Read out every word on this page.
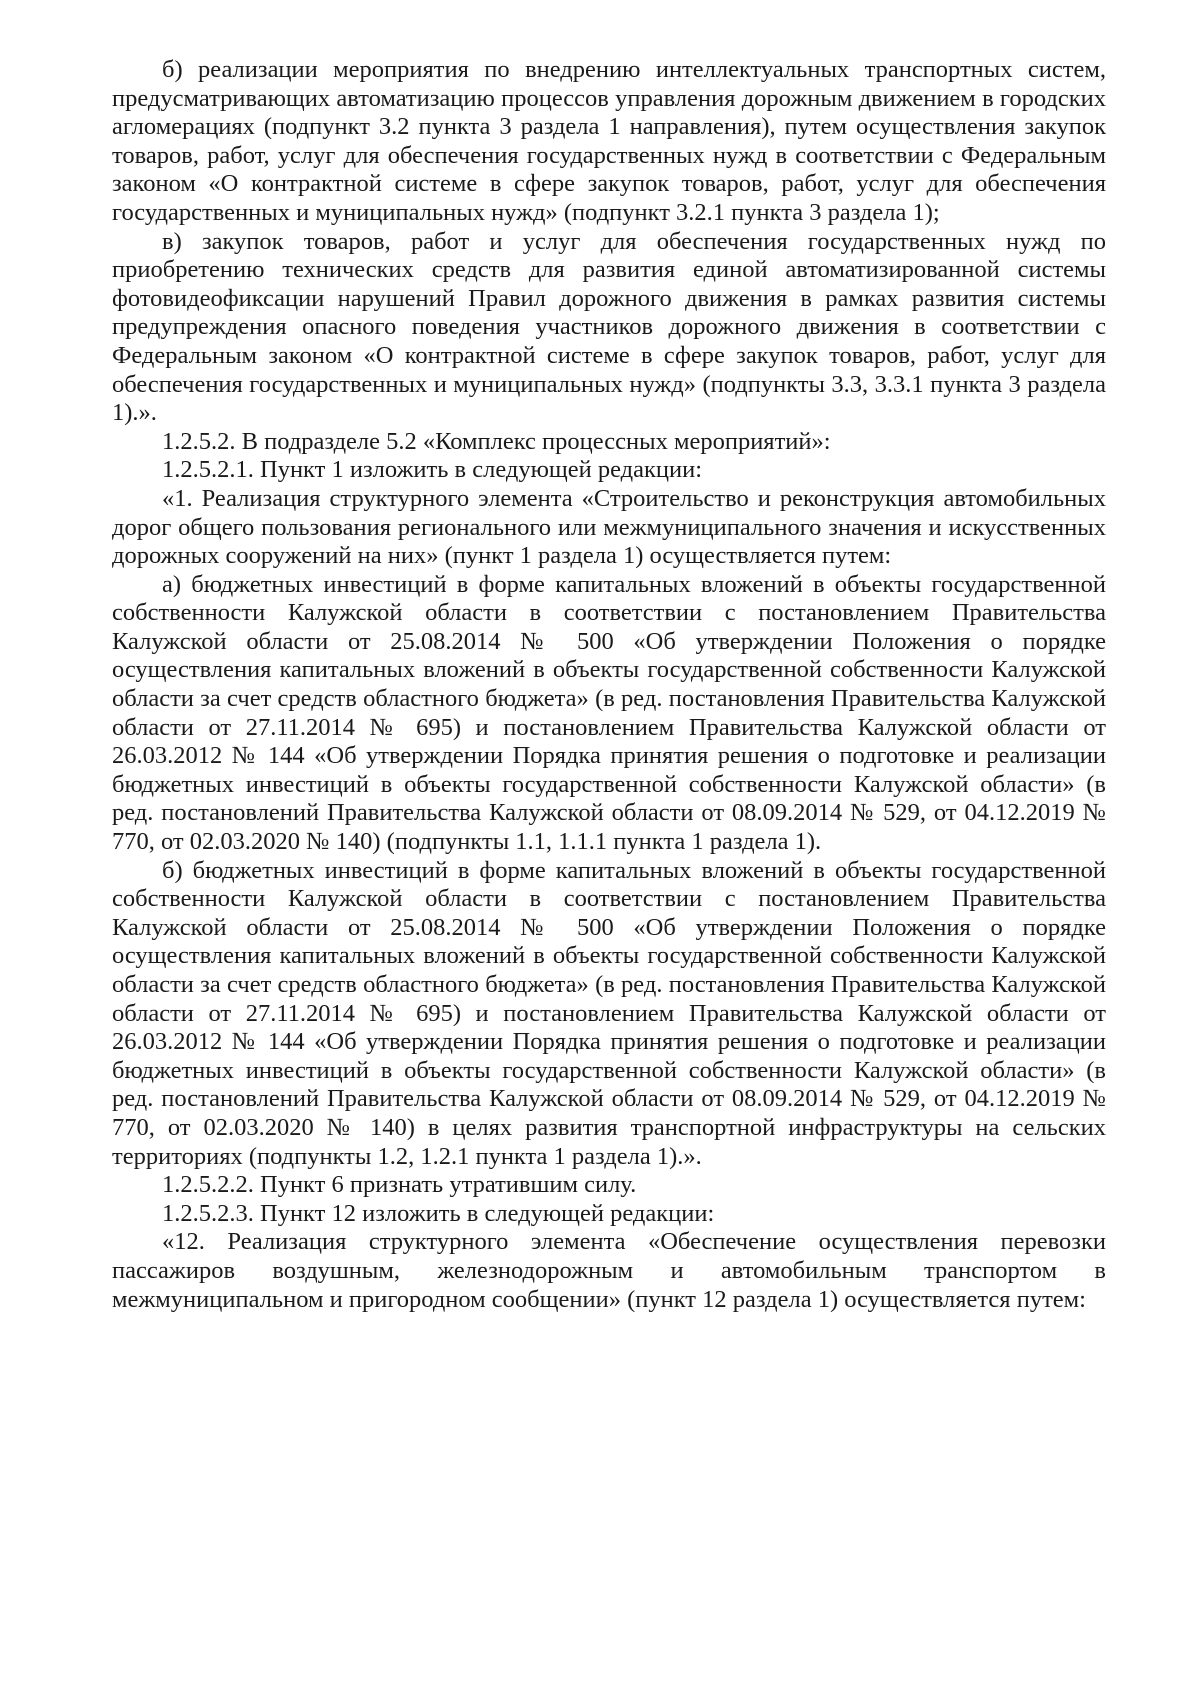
б) реализации мероприятия по внедрению интеллектуальных транспортных систем, предусматривающих автоматизацию процессов управления дорожным движением в городских агломерациях (подпункт 3.2 пункта 3 раздела 1 направления), путем осуществления закупок товаров, работ, услуг для обеспечения государственных нужд в соответствии с Федеральным законом «О контрактной системе в сфере закупок товаров, работ, услуг для обеспечения государственных и муниципальных нужд» (подпункт 3.2.1 пункта 3 раздела 1);

в) закупок товаров, работ и услуг для обеспечения государственных нужд по приобретению технических средств для развития единой автоматизированной системы фотовидеофиксации нарушений Правил дорожного движения в рамках развития системы предупреждения опасного поведения участников дорожного движения в соответствии с Федеральным законом «О контрактной системе в сфере закупок товаров, работ, услуг для обеспечения государственных и муниципальных нужд» (подпункты 3.3, 3.3.1 пункта 3 раздела 1).».

1.2.5.2. В подразделе 5.2 «Комплекс процессных мероприятий»:

1.2.5.2.1. Пункт 1 изложить в следующей редакции:

«1. Реализация структурного элемента «Строительство и реконструкция автомобильных дорог общего пользования регионального или межмуниципального значения и искусственных дорожных сооружений на них» (пункт 1 раздела 1) осуществляется путем:

а) бюджетных инвестиций в форме капитальных вложений в объекты государственной собственности Калужской области в соответствии с постановлением Правительства Калужской области от 25.08.2014 № 500 «Об утверждении Положения о порядке осуществления капитальных вложений в объекты государственной собственности Калужской области за счет средств областного бюджета» (в ред. постановления Правительства Калужской области от 27.11.2014 № 695) и постановлением Правительства Калужской области от 26.03.2012 № 144 «Об утверждении Порядка принятия решения о подготовке и реализации бюджетных инвестиций в объекты государственной собственности Калужской области» (в ред. постановлений Правительства Калужской области от 08.09.2014 № 529, от 04.12.2019 № 770, от 02.03.2020 № 140) (подпункты 1.1, 1.1.1 пункта 1 раздела 1).

б) бюджетных инвестиций в форме капитальных вложений в объекты государственной собственности Калужской области в соответствии с постановлением Правительства Калужской области от 25.08.2014 № 500 «Об утверждении Положения о порядке осуществления капитальных вложений в объекты государственной собственности Калужской области за счет средств областного бюджета» (в ред. постановления Правительства Калужской области от 27.11.2014 № 695) и постановлением Правительства Калужской области от 26.03.2012 № 144 «Об утверждении Порядка принятия решения о подготовке и реализации бюджетных инвестиций в объекты государственной собственности Калужской области» (в ред. постановлений Правительства Калужской области от 08.09.2014 № 529, от 04.12.2019 № 770, от 02.03.2020 № 140) в целях развития транспортной инфраструктуры на сельских территориях (подпункты 1.2, 1.2.1 пункта 1 раздела 1).».

1.2.5.2.2. Пункт 6 признать утратившим силу.

1.2.5.2.3. Пункт 12 изложить в следующей редакции:

«12. Реализация структурного элемента «Обеспечение осуществления перевозки пассажиров воздушным, железнодорожным и автомобильным транспортом в межмуниципальном и пригородном сообщении» (пункт 12 раздела 1) осуществляется путем:
